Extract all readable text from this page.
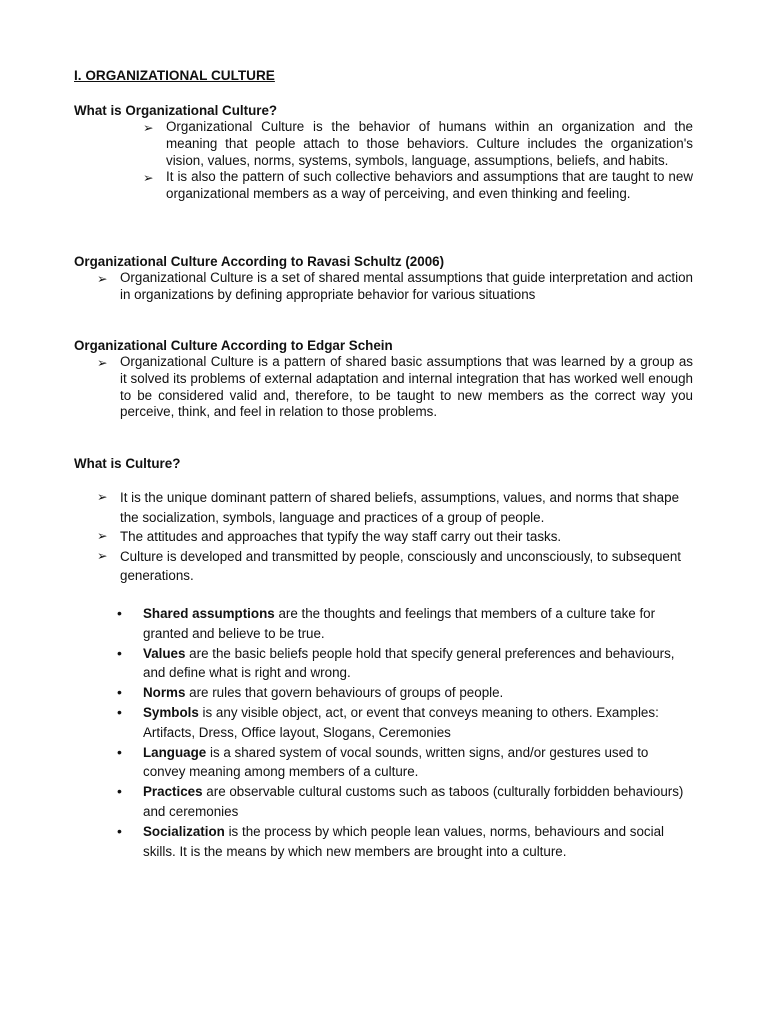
I. ORGANIZATIONAL CULTURE

What is Organizational Culture?

➢ Organizational Culture is the behavior of humans within an organization and the meaning that people attach to those behaviors. Culture includes the organization's vision, values, norms, systems, symbols, language, assumptions, beliefs, and habits.
➢ It is also the pattern of such collective behaviors and assumptions that are taught to new organizational members as a way of perceiving, and even thinking and feeling.

Organizational Culture According to Ravasi Schultz (2006)

➢ Organizational Culture is a set of shared mental assumptions that guide interpretation and action in organizations by defining appropriate behavior for various situations

Organizational Culture According to Edgar Schein

➢ Organizational Culture is a pattern of shared basic assumptions that was learned by a group as it solved its problems of external adaptation and internal integration that has worked well enough to be considered valid and, therefore, to be taught to new members as the correct way you perceive, think, and feel in relation to those problems.

What is Culture?

➢ It is the unique dominant pattern of shared beliefs, assumptions, values, and norms that shape the socialization, symbols, language and practices of a group of people.
➢ The attitudes and approaches that typify the way staff carry out their tasks.
➢ Culture is developed and transmitted by people, consciously and unconsciously, to subsequent generations.
• Shared assumptions are the thoughts and feelings that members of a culture take for granted and believe to be true.
• Values are the basic beliefs people hold that specify general preferences and behaviours, and define what is right and wrong.
• Norms are rules that govern behaviours of groups of people.
• Symbols is any visible object, act, or event that conveys meaning to others. Examples: Artifacts, Dress, Office layout, Slogans, Ceremonies
• Language is a shared system of vocal sounds, written signs, and/or gestures used to convey meaning among members of a culture.
• Practices are observable cultural customs such as taboos (culturally forbidden behaviours) and ceremonies
• Socialization is the process by which people lean values, norms, behaviours and social skills. It is the means by which new members are brought into a culture.
